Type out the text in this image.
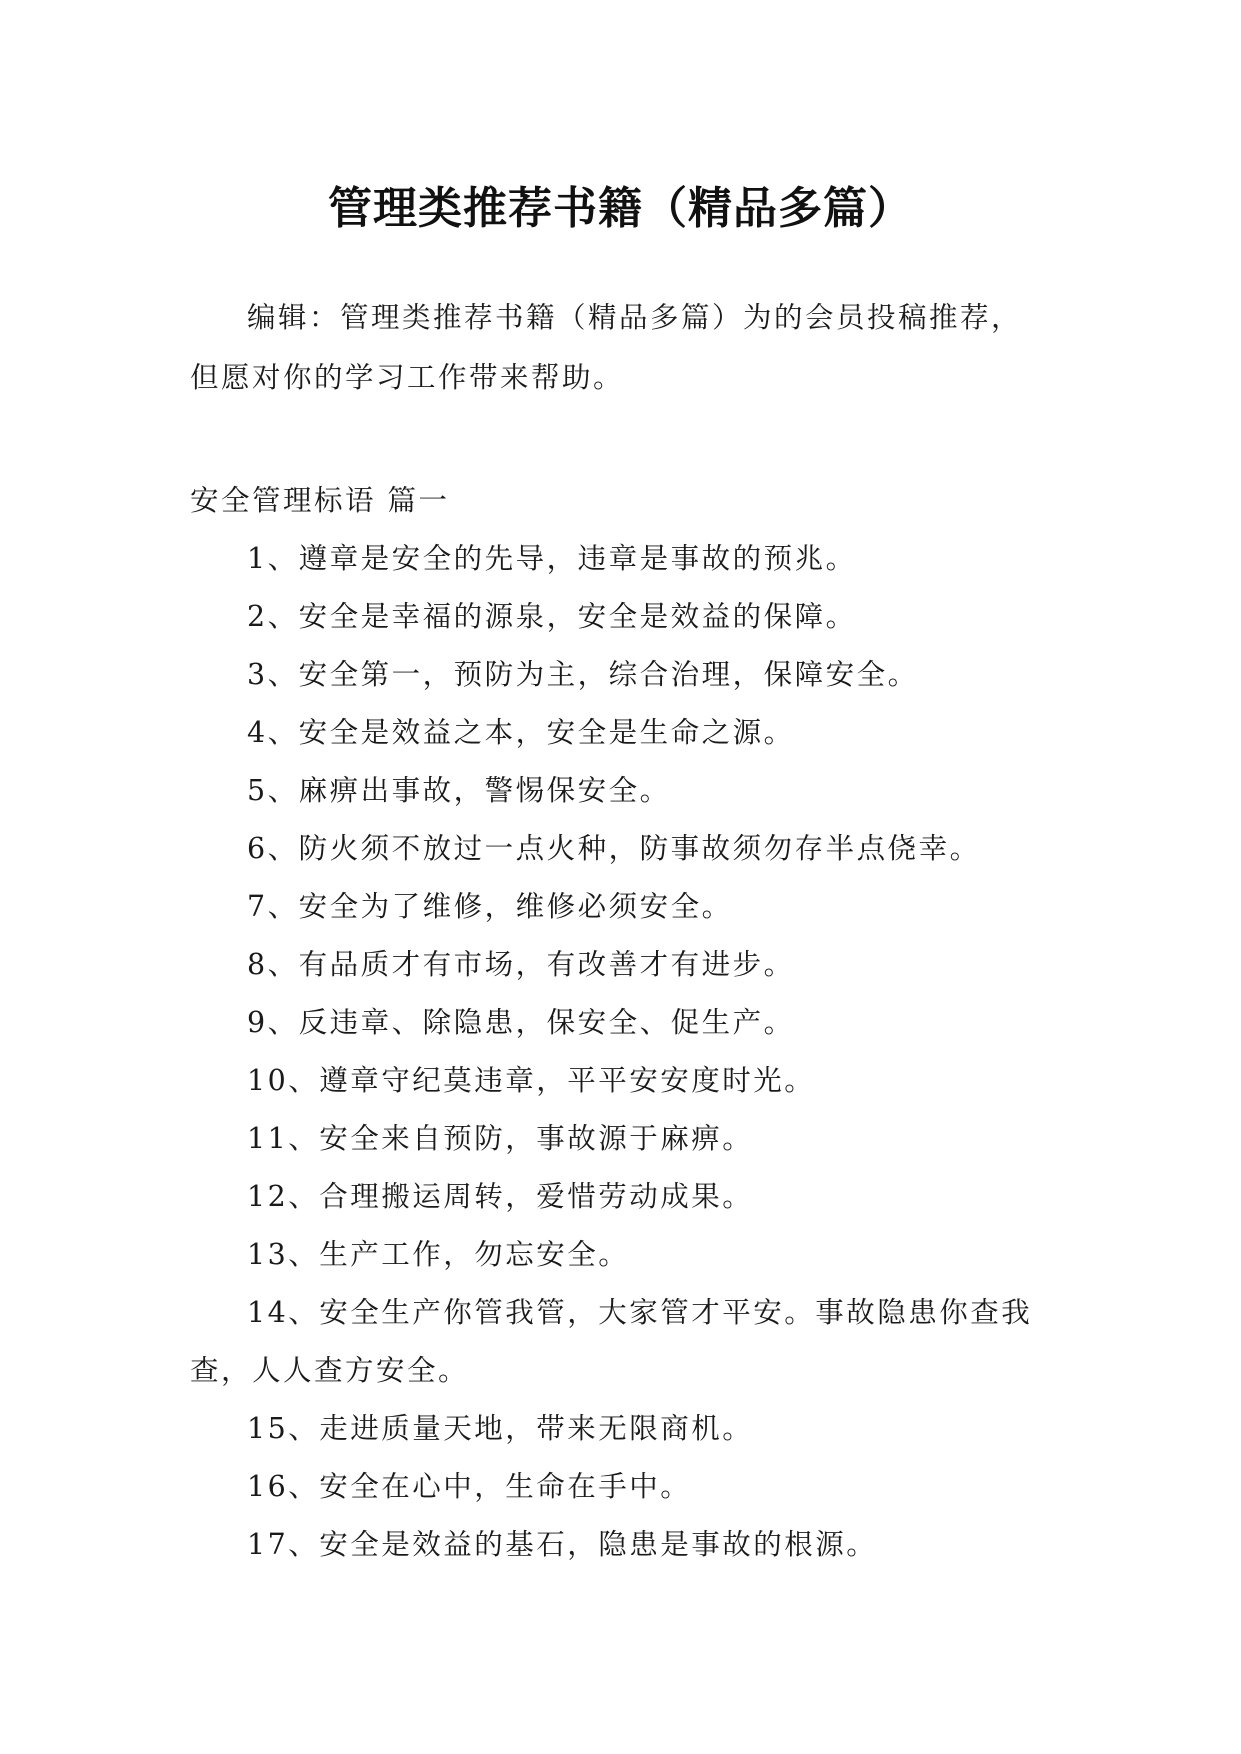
管理类推荐书籍（精品多篇）

编辑：管理类推荐书籍（精品多篇）为的会员投稿推荐，但愿对你的学习工作带来帮助。

安全管理标语 篇一

1、遵章是安全的先导，违章是事故的预兆。
2、安全是幸福的源泉，安全是效益的保障。
3、安全第一，预防为主，综合治理，保障安全。
4、安全是效益之本，安全是生命之源。
5、麻痹出事故，警惕保安全。
6、防火须不放过一点火种，防事故须勿存半点侥幸。
7、安全为了维修，维修必须安全。
8、有品质才有市场，有改善才有进步。
9、反违章、除隐患，保安全、促生产。
10、遵章守纪莫违章，平平安安度时光。
11、安全来自预防，事故源于麻痹。
12、合理搬运周转，爱惜劳动成果。
13、生产工作，勿忘安全。
14、安全生产你管我管，大家管才平安。事故隐患你查我查，人人查方安全。
15、走进质量天地，带来无限商机。
16、安全在心中，生命在手中。
17、安全是效益的基石，隐患是事故的根源。
